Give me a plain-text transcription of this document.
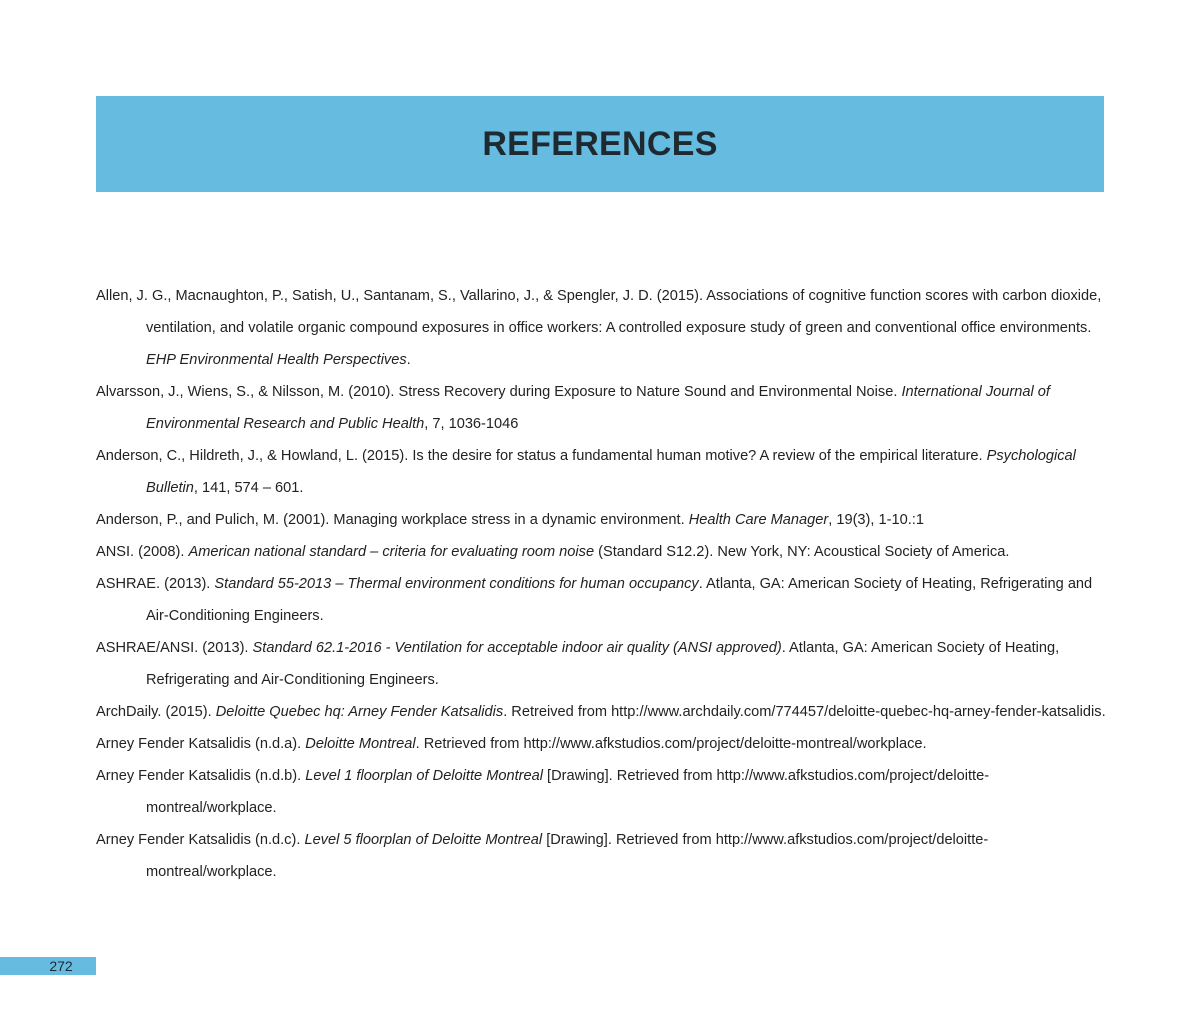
REFERENCES

Allen, J. G., Macnaughton, P., Satish, U., Santanam, S., Vallarino, J., & Spengler, J. D. (2015). Associations of cognitive function scores with carbon dioxide, ventilation, and volatile organic compound exposures in office workers: A controlled exposure study of green and conventional office environments. EHP Environmental Health Perspectives.

Alvarsson, J., Wiens, S., & Nilsson, M. (2010). Stress Recovery during Exposure to Nature Sound and Environmental Noise. International Journal of Environmental Research and Public Health, 7, 1036-1046

Anderson, C., Hildreth, J., & Howland, L. (2015). Is the desire for status a fundamental human motive? A review of the empirical literature. Psychological Bulletin, 141, 574 – 601.

Anderson, P., and Pulich, M. (2001). Managing workplace stress in a dynamic environment. Health Care Manager, 19(3), 1-10.:1

ANSI. (2008). American national standard – criteria for evaluating room noise (Standard S12.2). New York, NY: Acoustical Society of America.

ASHRAE. (2013). Standard 55-2013 – Thermal environment conditions for human occupancy. Atlanta, GA: American Society of Heating, Refrigerating and Air-Conditioning Engineers.

ASHRAE/ANSI. (2013). Standard 62.1-2016 - Ventilation for acceptable indoor air quality (ANSI approved). Atlanta, GA: American Society of Heating, Refrigerating and Air-Conditioning Engineers.

ArchDaily. (2015). Deloitte Quebec hq: Arney Fender Katsalidis. Retreived from http://www.archdaily.com/774457/deloitte-quebec-hq-arney-fender-katsalidis.

Arney Fender Katsalidis (n.d.a). Deloitte Montreal. Retrieved from http://www.afkstudios.com/project/deloitte-montreal/workplace.

Arney Fender Katsalidis (n.d.b). Level 1 floorplan of Deloitte Montreal [Drawing]. Retrieved from http://www.afkstudios.com/project/deloitte-montreal/workplace.

Arney Fender Katsalidis (n.d.c). Level 5 floorplan of Deloitte Montreal [Drawing]. Retrieved from http://www.afkstudios.com/project/deloitte-montreal/workplace.

272
